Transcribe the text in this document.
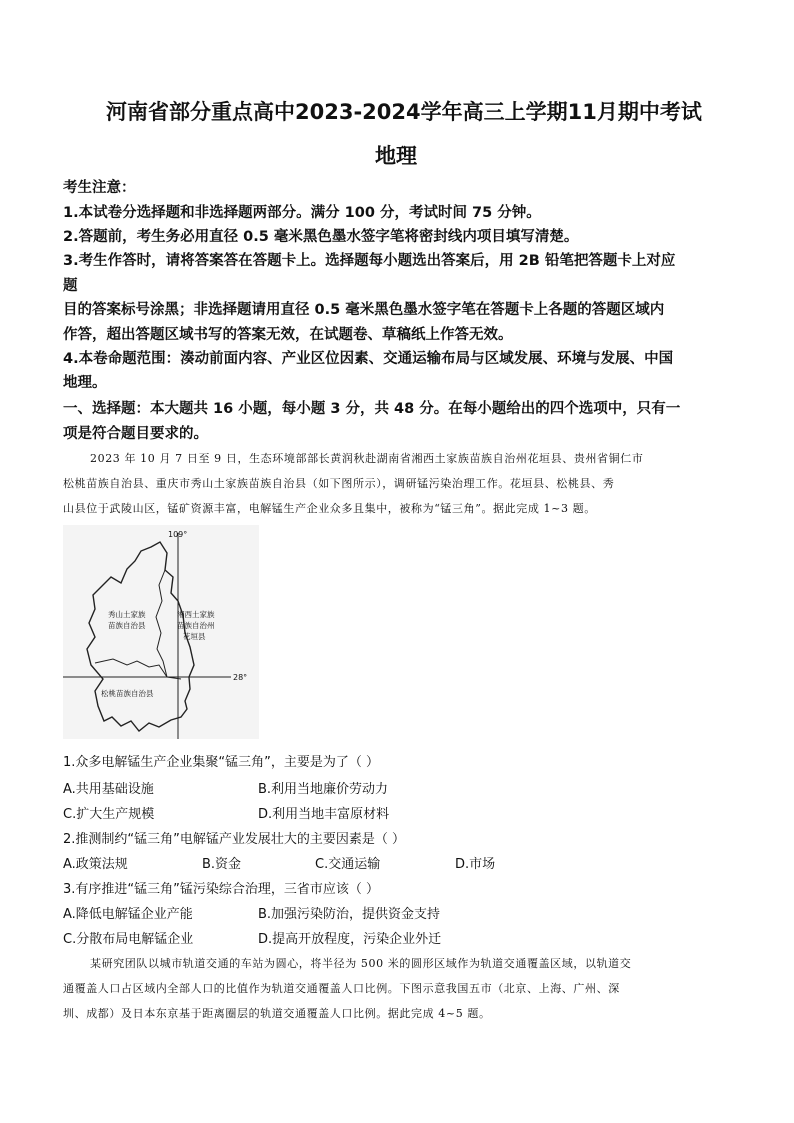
河南省部分重点高中2023-2024学年高三上学期11月期中考试
地理
考生注意：
1.本试卷分选择题和非选择题两部分。满分 100 分，考试时间 75 分钟。
2.答题前，考生务必用直径 0.5 毫米黑色墨水签字笔将密封线内项目填写清楚。
3.考生作答时，请将答案答在答题卡上。选择题每小题选出答案后，用 2B 铅笔把答题卡上对应
题
目的答案标号涂黑；非选择题请用直径 0.5 毫米黑色墨水签字笔在答题卡上各题的答题区域内
作答，超出答题区域书写的答案无效，在试题卷、草稿纸上作答无效。
4.本卷命题范围：湊动前面内容、产业区位因素、交通运输布局与区域发展、环境与发展、中国
地理。
一、选择题：本大题共 16 小题，每小题 3 分，共 48 分。在每小题给出的四个选项中，只有一
项是符合题目要求的。
2023 年 10 月 7 日至 9 日，生态环境部部长黄润秋赴湖南省湘西土家族苗族自治州花垣县、贵州省铜仁市
松桃苗族自治县、重庆市秀山土家族苗族自治县（如下图所示），调研锰污染治理工作。花垣县、松桃县、秀
山县位于武陵山区，锰矿资源丰富，电解锰生产企业众多且集中，被称为“锰三角”。据此完成 1~3 题。
109°
28°
秀山土家族
苗族自治县
湘西土家族
苗族自治州
花垣县
松桃苗族自治县
1.众多电解锰生产企业集聚“锰三角”，主要是为了（ ）
A.共用基础设施	B.利用当地廉价劳动力
C.扩大生产规模	D.利用当地丰富原材料
2.推测制约“锰三角”电解锰产业发展壮大的主要因素是（ ）
A.政策法规	B.资金	C.交通运输	D.市场
3.有序推进“锰三角”锰污染综合治理，三省市应该（ ）
A.降低电解锰企业产能	B.加强污染防治，提供资金支持
C.分散布局电解锰企业	D.提高开放程度，污染企业外迁
某研究团队以城市轨道交通的车站为圆心，将半径为 500 米的圆形区域作为轨道交通覆盖区域，以轨道交
通覆盖人口占区域内全部人口的比值作为轨道交通覆盖人口比例。下图示意我国五市（北京、上海、广州、深
圳、成都）及日本东京基于距离圈层的轨道交通覆盖人口比例。据此完成 4~5 题。
